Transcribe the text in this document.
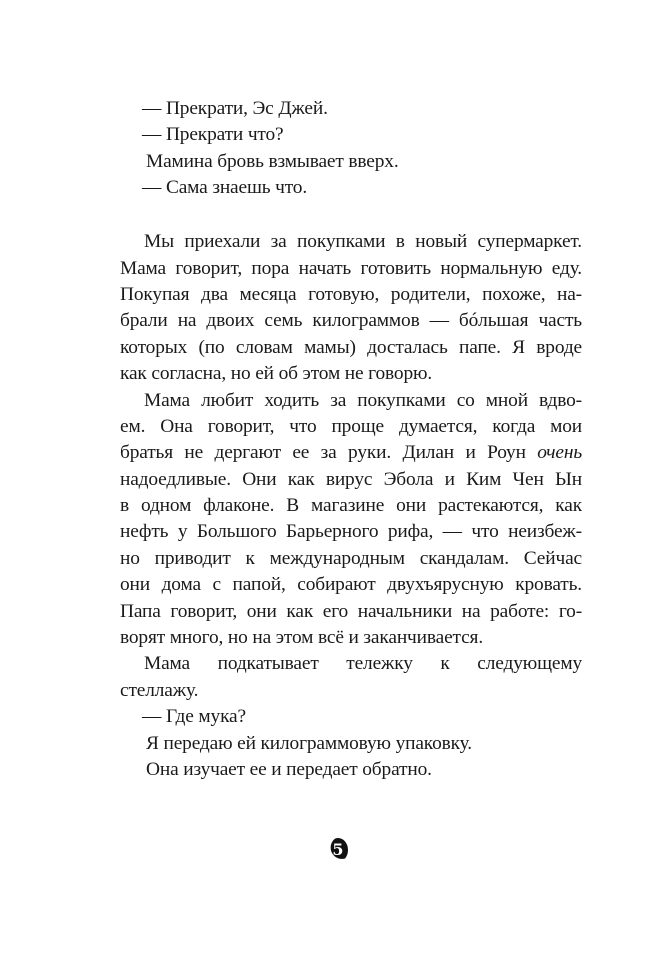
— Прекрати, Эс Джей.
— Прекрати что?
Мамина бровь взмывает вверх.
— Сама знаешь что.
Мы приехали за покупками в новый супермаркет.
Мама говорит, пора начать готовить нормальную еду.
Покупая два месяца готовую, родители, похоже, на-
брали на двоих семь килограммов — бóльшая часть
которых (по словам мамы) досталась папе. Я вроде
как согласна, но ей об этом не говорю.
Мама любит ходить за покупками со мной вдво-
ем. Она говорит, что проще думается, когда мои
братья не дергают ее за руки. Дилан и Роун очень
надоедливые. Они как вирус Эбола и Ким Чен Ын
в одном флаконе. В магазине они растекаются, как
нефть у Большого Барьерного рифа, — что неизбеж-
но приводит к международным скандалам. Сейчас
они дома с папой, собирают двухъярусную кровать.
Папа говорит, они как его начальники на работе: го-
ворят много, но на этом всё и заканчивается.
Мама подкатывает тележку к следующему
стеллажу.
— Где мука?
Я передаю ей килограммовую упаковку.
Она изучает ее и передает обратно.
5
